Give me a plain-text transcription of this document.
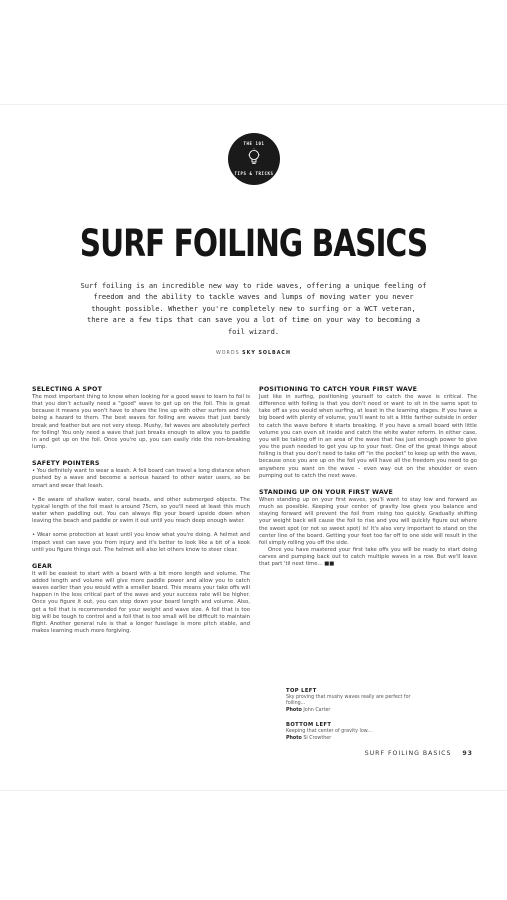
THE 101
TIPS & TRICKS
SURF FOILING BASICS
Surf foiling is an incredible new way to ride waves, offering a unique feeling of freedom and the ability to tackle waves and lumps of moving water you never thought possible. Whether you're completely new to surfing or a WCT veteran, there are a few tips that can save you a lot of time on your way to becoming a foil wizard.
WORDS SKY SOLBACH
SELECTING A SPOT

The most important thing to know when looking for a good wave to learn to foil is that you don't actually need a "good" wave to get up on the foil. This is great because it means you won't have to share the line up with other surfers and risk being a hazard to them. The best waves for foiling are waves that just barely break and feather but are not very steep. Mushy, fat waves are absolutely perfect for foiling! You only need a wave that just breaks enough to allow you to paddle in and get up on the foil. Once you're up, you can easily ride the non-breaking lump.

SAFETY POINTERS

• You definitely want to wear a leash. A foil board can travel a long distance when pushed by a wave and become a serious hazard to other water users, so be smart and wear that leash.

• Be aware of shallow water, coral heads, and other submerged objects. The typical length of the foil mast is around 75cm, so you'll need at least this much water when paddling out. You can always flip your board upside down when leaving the beach and paddle or swim it out until you reach deep enough water.

• Wear some protection at least until you know what you're doing. A helmet and impact vest can save you from injury and it's better to look like a bit of a kook until you figure things out. The helmet will also let others know to steer clear.

GEAR

It will be easiest to start with a board with a bit more length and volume. The added length and volume will give more paddle power and allow you to catch waves earlier than you would with a smaller board. This means your take offs will happen in the less critical part of the wave and your success rate will be higher. Once you figure it out, you can step down your board length and volume. Also, get a foil that is recommended for your weight and wave size. A foil that is too big will be tough to control and a foil that is too small will be difficult to maintain flight. Another general rule is that a longer fuselage is more pitch stable, and makes learning much more forgiving.

POSITIONING TO CATCH YOUR FIRST WAVE

Just like in surfing, positioning yourself to catch the wave is critical. The difference with foiling is that you don't need or want to sit in the same spot to take off as you would when surfing, at least in the learning stages. If you have a big board with plenty of volume, you'll want to sit a little farther outside in order to catch the wave before it starts breaking. If you have a small board with little volume you can even sit inside and catch the white water reform. In either case, you will be taking off in an area of the wave that has just enough power to give you the push needed to get you up to your feet. One of the great things about foiling is that you don't need to take off "in the pocket" to keep up with the wave, because once you are up on the foil you will have all the freedom you need to go anywhere you want on the wave – even way out on the shoulder or even pumping out to catch the next wave.

STANDING UP ON YOUR FIRST WAVE

When standing up on your first waves, you'll want to stay low and forward as much as possible. Keeping your center of gravity low gives you balance and staying forward will prevent the foil from rising too quickly. Gradually shifting your weight back will cause the foil to rise and you will quickly figure out where the sweet spot (or not so sweet spot) is! It's also very important to stand on the center line of the board. Getting your feet too far off to one side will result in the foil simply rolling you off the side.

Once you have mastered your first take offs you will be ready to start doing carves and pumping back out to catch multiple waves in a row. But we'll leave that part 'til next time... ■■

TOP LEFT

Sky proving that mushy waves really are perfect for foiling...

Photo John Carter

BOTTOM LEFT

Keeping that center of gravity low...

Photo Si Crowther

SURF FOILING BASICS 93
